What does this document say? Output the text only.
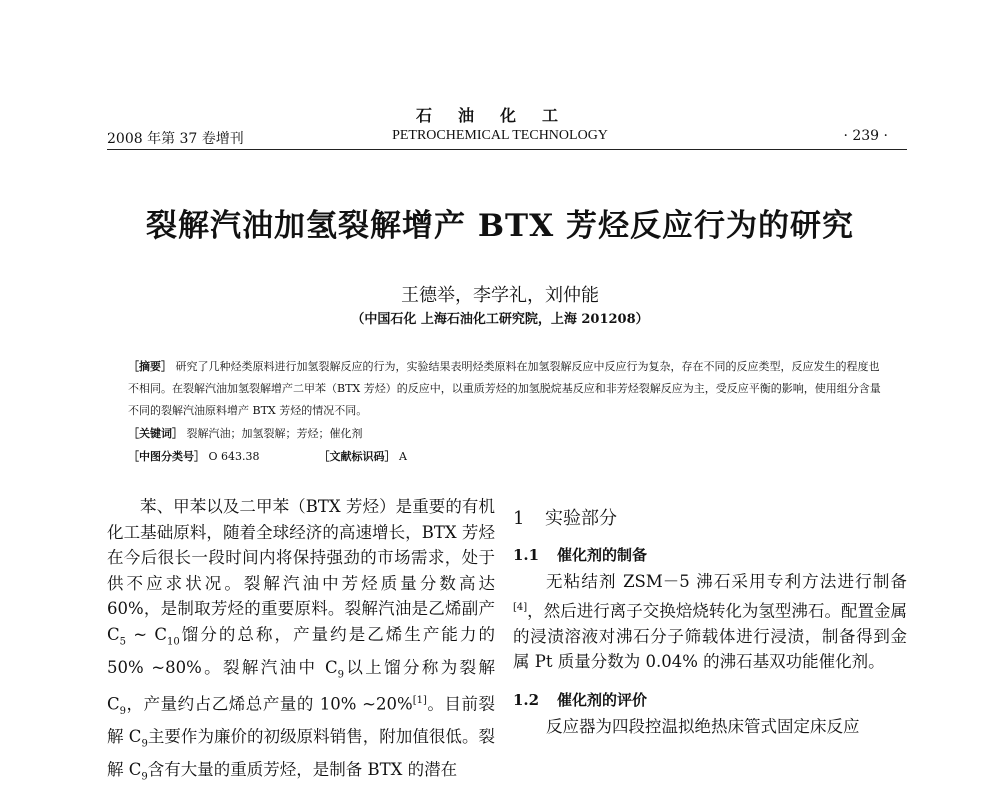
石油化工
2008 年第 37 卷增刊	PETROCHEMICAL TECHNOLOGY	· 239 ·
裂解汽油加氢裂解增产 BTX 芳烃反应行为的研究
王德举，李学礼，刘仲能
（中国石化 上海石油化工研究院，上海 201208）
［摘要］ 研究了几种烃类原料进行加氢裂解反应的行为，实验结果表明烃类原料在加氢裂解反应中反应行为复杂，存在不同的反应类型，反应发生的程度也不相同。在裂解汽油加氢裂解增产二甲苯（BTX 芳烃）的反应中，以重质芳烃的加氢脱烷基反应和非芳烃裂解反应为主，受反应平衡的影响，使用组分含量不同的裂解汽油原料增产 BTX 芳烃的情况不同。
［关键词］ 裂解汽油；加氢裂解；芳烃；催化剂
［中图分类号］ O 643.38	［文献标识码］ A
苯、甲苯以及二甲苯（BTX 芳烃）是重要的有机化工基础原料，随着全球经济的高速增长，BTX 芳烃在今后很长一段时间内将保持强劲的市场需求，处于供不应求状况。裂解汽油中芳烃质量分数高达 60%，是制取芳烃的重要原料。裂解汽油是乙烯副产 $C_5$ ~ $C_{10}$馏分的总称，产量约是乙烯生产能力的 50% ~80%。裂解汽油中 $C_9$以上馏分称为裂解 $C_9$，产量约占乙烯总产量的 10% ~20%[1]。目前裂解 $C_9$主要作为廉价的初级原料销售，附加值很低。裂解 $C_9$含有大量的重质芳烃，是制备 BTX 的潜在
1 实验部分
1.1 催化剂的制备
无粘结剂 ZSM－5 沸石采用专利方法进行制备[4]，然后进行离子交换焙烧转化为氢型沸石。配置金属的浸渍溶液对沸石分子筛载体进行浸渍，制备得到金属 Pt 质量分数为 0.04% 的沸石基双功能催化剂。
1.2 催化剂的评价
反应器为四段控温拟绝热床管式固定床反应
